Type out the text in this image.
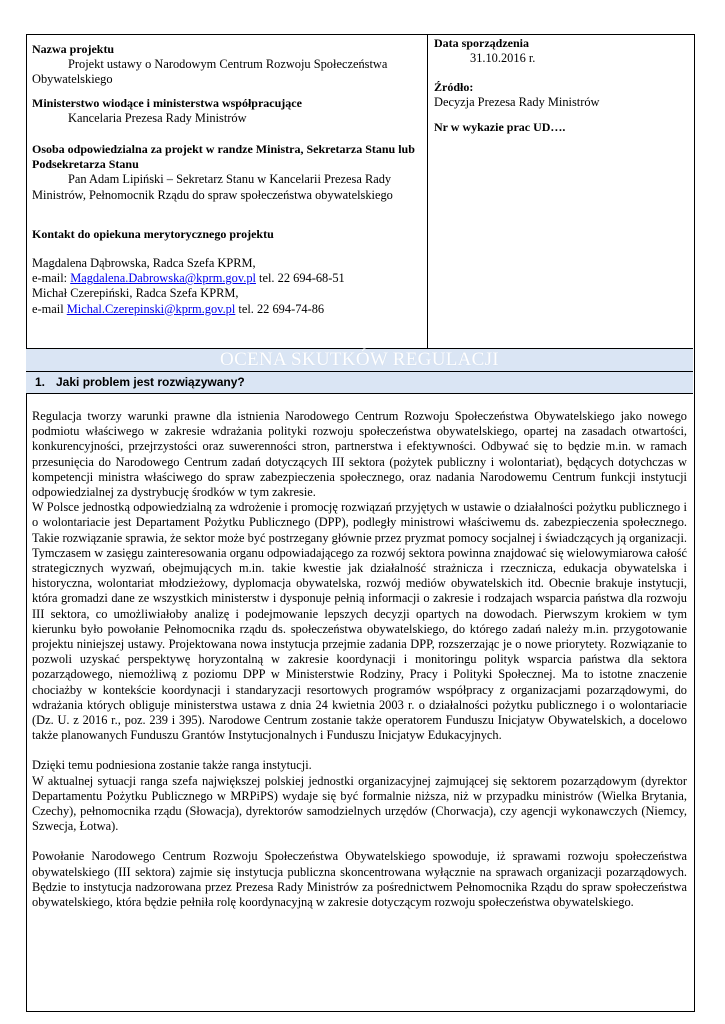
Nazwa projektu
Projekt ustawy o Narodowym Centrum Rozwoju Społeczeństwa Obywatelskiego
Ministerstwo wiodące i ministerstwa współpracujące
Kancelaria Prezesa Rady Ministrów
Osoba odpowiedzialna za projekt w randze Ministra, Sekretarza Stanu lub Podsekretarza Stanu
Pan Adam Lipiński – Sekretarz Stanu w Kancelarii Prezesa Rady Ministrów, Pełnomocnik Rządu do spraw społeczeństwa obywatelskiego
Kontakt do opiekuna merytorycznego projektu
Magdalena Dąbrowska, Radca Szefa KPRM,
e-mail: Magdalena.Dabrowska@kprm.gov.pl tel. 22 694-68-51
Michał Czerepiński, Radca Szefa KPRM,
e-mail Michal.Czerepinski@kprm.gov.pl tel. 22 694-74-86
Data sporządzenia
31.10.2016 r.
Źródło:
Decyzja Prezesa Rady Ministrów
Nr w wykazie prac UD….
OCENA SKUTKÓW REGULACJI
1. Jaki problem jest rozwiązywany?

Regulacja tworzy warunki prawne dla istnienia Narodowego Centrum Rozwoju Społeczeństwa Obywatelskiego jako nowego podmiotu właściwego w zakresie wdrażania polityki rozwoju społeczeństwa obywatelskiego, opartej na zasadach otwartości, konkurencyjności, przejrzystości oraz suwerenności stron, partnerstwa i efektywności. Odbywać się to będzie m.in. w ramach przesunięcia do Narodowego Centrum zadań dotyczących III sektora (pożytek publiczny i wolontariat), będących dotychczas w kompetencji ministra właściwego do spraw zabezpieczenia społecznego, oraz nadania Narodowemu Centrum funkcji instytucji odpowiedzialnej za dystrybucję środków w tym zakresie.

W Polsce jednostką odpowiedzialną za wdrożenie i promocję rozwiązań przyjętych w ustawie o działalności pożytku publicznego i o wolontariacie jest Departament Pożytku Publicznego (DPP), podległy ministrowi właściwemu ds. zabezpieczenia społecznego. Takie rozwiązanie sprawia, że sektor może być postrzegany głównie przez pryzmat pomocy socjalnej i świadczących ją organizacji. Tymczasem w zasięgu zainteresowania organu odpowiadającego za rozwój sektora powinna znajdować się wielowymiarowa całość strategicznych wyzwań, obejmujących m.in. takie kwestie jak działalność strażnicza i rzecznicza, edukacja obywatelska i historyczna, wolontariat młodzieżowy, dyplomacja obywatelska, rozwój mediów obywatelskich itd. Obecnie brakuje instytucji, która gromadzi dane ze wszystkich ministerstw i dysponuje pełnią informacji o zakresie i rodzajach wsparcia państwa dla rozwoju III sektora, co umożliwiałoby analizę i podejmowanie lepszych decyzji opartych na dowodach. Pierwszym krokiem w tym kierunku było powołanie Pełnomocnika rządu ds. społeczeństwa obywatelskiego, do którego zadań należy m.in. przygotowanie projektu niniejszej ustawy. Projektowana nowa instytucja przejmie zadania DPP, rozszerzając je o nowe priorytety. Rozwiązanie to pozwoli uzyskać perspektywę horyzontalną w zakresie koordynacji i monitoringu polityk wsparcia państwa dla sektora pozarządowego, niemożliwą z poziomu DPP w Ministerstwie Rodziny, Pracy i Polityki Społecznej. Ma to istotne znaczenie chociażby w kontekście koordynacji i standaryzacji resortowych programów współpracy z organizacjami pozarządowymi, do wdrażania których obliguje ministerstwa ustawa z dnia 24 kwietnia 2003 r. o działalności pożytku publicznego i o wolontariacie (Dz. U. z 2016 r., poz. 239 i 395). Narodowe Centrum zostanie także operatorem Funduszu Inicjatyw Obywatelskich, a docelowo także planowanych Funduszu Grantów Instytucjonalnych i Funduszu Inicjatyw Edukacyjnych.

Dzięki temu podniesiona zostanie także ranga instytucji.

W aktualnej sytuacji ranga szefa największej polskiej jednostki organizacyjnej zajmującej się sektorem pozarządowym (dyrektor Departamentu Pożytku Publicznego w MRPiPS) wydaje się być formalnie niższa, niż w przypadku ministrów (Wielka Brytania, Czechy), pełnomocnika rządu (Słowacja), dyrektorów samodzielnych urzędów (Chorwacja), czy agencji wykonawczych (Niemcy, Szwecja, Łotwa).

Powołanie Narodowego Centrum Rozwoju Społeczeństwa Obywatelskiego spowoduje, iż sprawami rozwoju społeczeństwa obywatelskiego (III sektora) zajmie się instytucja publiczna skoncentrowana wyłącznie na sprawach organizacji pozarządowych. Będzie to instytucja nadzorowana przez Prezesa Rady Ministrów za pośrednictwem Pełnomocnika Rządu do spraw społeczeństwa obywatelskiego, która będzie pełniła rolę koordynacyjną w zakresie dotyczącym rozwoju społeczeństwa obywatelskiego.
